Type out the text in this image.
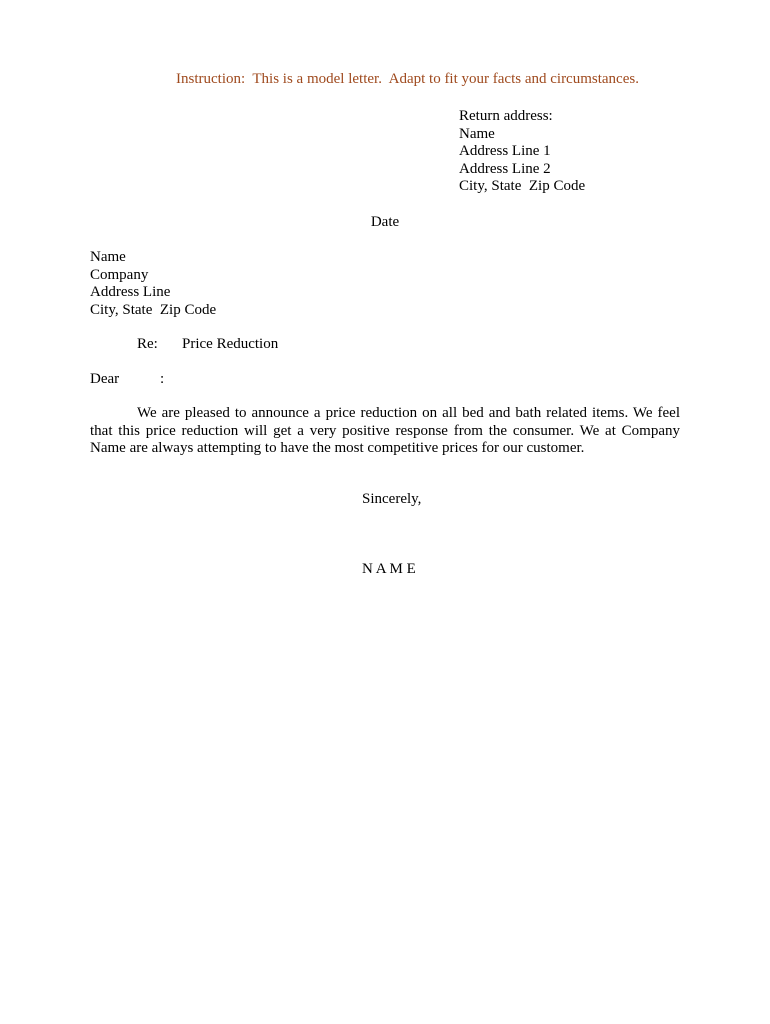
Instruction:  This is a model letter.  Adapt to fit your facts and circumstances.
Return address:
Name
Address Line 1
Address Line 2
City, State  Zip Code
Date
Name
Company
Address Line
City, State  Zip Code
Re: Price Reduction
Dear	:

We are pleased to announce a price reduction on all bed and bath related items. We feel that this price reduction will get a very positive response from the consumer. We at Company Name are always attempting to have the most competitive prices for our customer.

Sincerely,
N A M E
